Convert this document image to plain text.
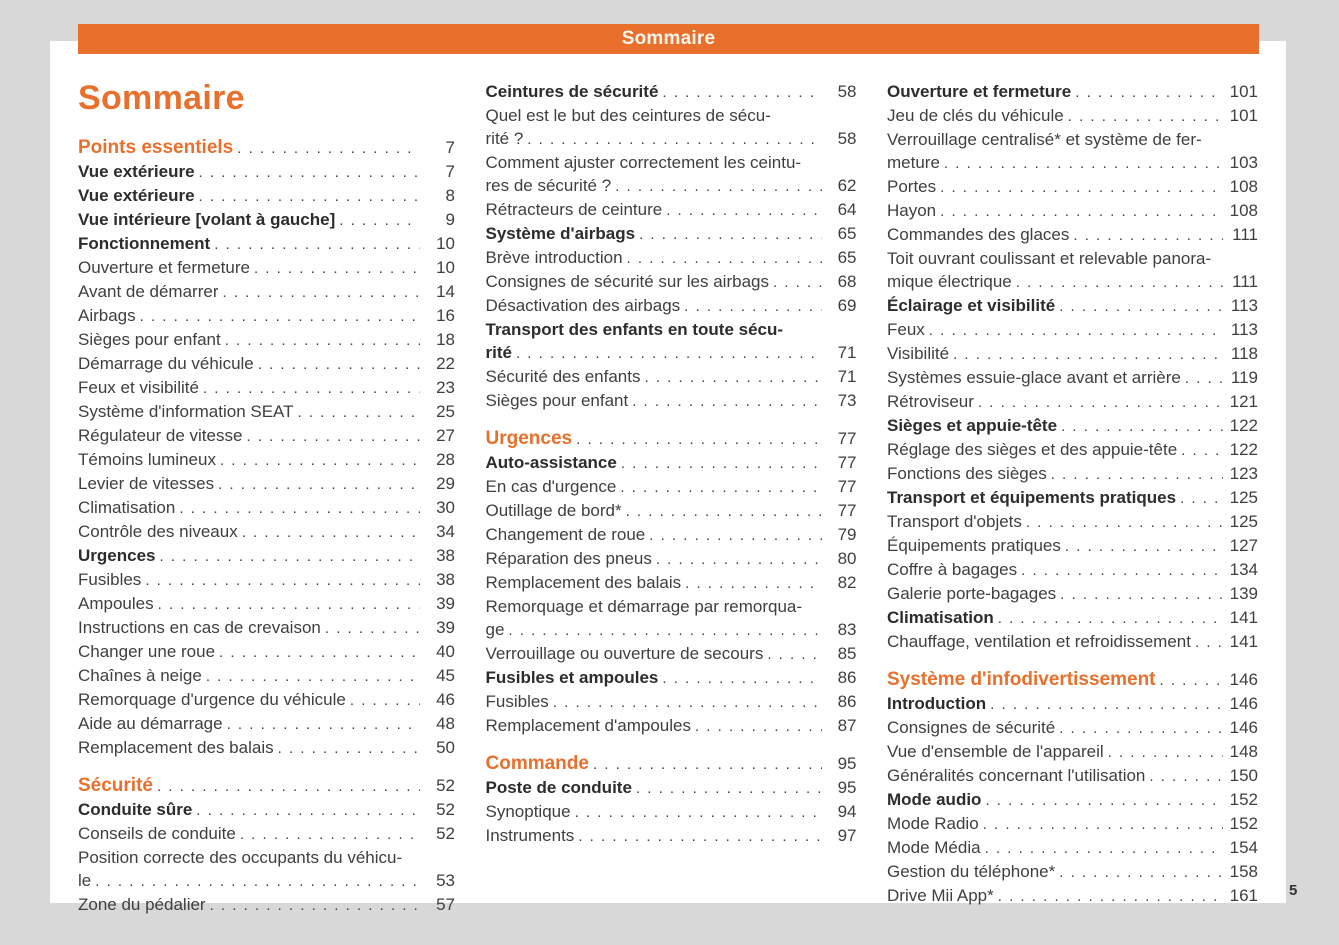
Sommaire
Sommaire
Points essentiels . . .	7
Vue extérieure . . .	7
Vue extérieure . . .	8
Vue intérieure [volant à gauche] . . .	9
Fonctionnement . . .	10
Ouverture et fermeture . . .	10
Avant de démarrer . . .	14
Airbags . . .	16
Sièges pour enfant . . .	18
Démarrage du véhicule . . .	22
Feux et visibilité . . .	23
Système d'information SEAT . . .	25
Régulateur de vitesse . . .	27
Témoins lumineux . . .	28
Levier de vitesses . . .	29
Climatisation . . .	30
Contrôle des niveaux . . .	34
Urgences . . .	38
Fusibles . . .	38
Ampoules . . .	39
Instructions en cas de crevaison . . .	39
Changer une roue . . .	40
Chaînes à neige . . .	45
Remorquage d'urgence du véhicule . . .	46
Aide au démarrage . . .	48
Remplacement des balais . . .	50
Sécurité . . .	52
Conduite sûre . . .	52
Conseils de conduite . . .	52
Position correcte des occupants du véhicu-
le . . .	53
Zone du pédalier . . .	57
Ceintures de sécurité . . .	58
Quel est le but des ceintures de sécu-
rité ? . . .	58
Comment ajuster correctement les ceintu-
res de sécurité ? . . .	62
Rétracteurs de ceinture . . .	64
Système d'airbags . . .	65
Brève introduction . . .	65
Consignes de sécurité sur les airbags . . .	68
Désactivation des airbags . . .	69
Transport des enfants en toute sécu-
rité . . .	71
Sécurité des enfants . . .	71
Sièges pour enfant . . .	73
Urgences . . .	77
Auto-assistance . . .	77
En cas d'urgence . . .	77
Outillage de bord* . . .	77
Changement de roue . . .	79
Réparation des pneus . . .	80
Remplacement des balais . . .	82
Remorquage et démarrage par remorqua-
ge . . .	83
Verrouillage ou ouverture de secours . . .	85
Fusibles et ampoules . . .	86
Fusibles . . .	86
Remplacement d'ampoules . . .	87
Commande . . .	95
Poste de conduite . . .	95
Synoptique . . .	94
Instruments . . .	97
Ouverture et fermeture . . .	101
Jeu de clés du véhicule . . .	101
Verrouillage centralisé* et système de fer-
meture . . .	103
Portes . . .	108
Hayon . . .	108
Commandes des glaces . . .	111
Toit ouvrant coulissant et relevable panora-
mique électrique . . .	111
Éclairage et visibilité . . .	113
Feux . . .	113
Visibilité . . .	118
Systèmes essuie-glace avant et arrière . . .	119
Rétroviseur . . .	121
Sièges et appuie-tête . . .	122
Réglage des sièges et des appuie-tête . . .	122
Fonctions des sièges . . .	123
Transport et équipements pratiques . . .	125
Transport d'objets . . .	125
Équipements pratiques . . .	127
Coffre à bagages . . .	134
Galerie porte-bagages . . .	139
Climatisation . . .	141
Chauffage, ventilation et refroidissement . . . 141
Système d'infodivertissement . . .	146
Introduction . . .	146
Consignes de sécurité . . .	146
Vue d'ensemble de l'appareil . . .	148
Généralités concernant l'utilisation . . .	150
Mode audio . . .	152
Mode Radio . . .	152
Mode Média . . .	154
Gestion du téléphone* . . .	158
Drive Mii App* . . .	161 5
